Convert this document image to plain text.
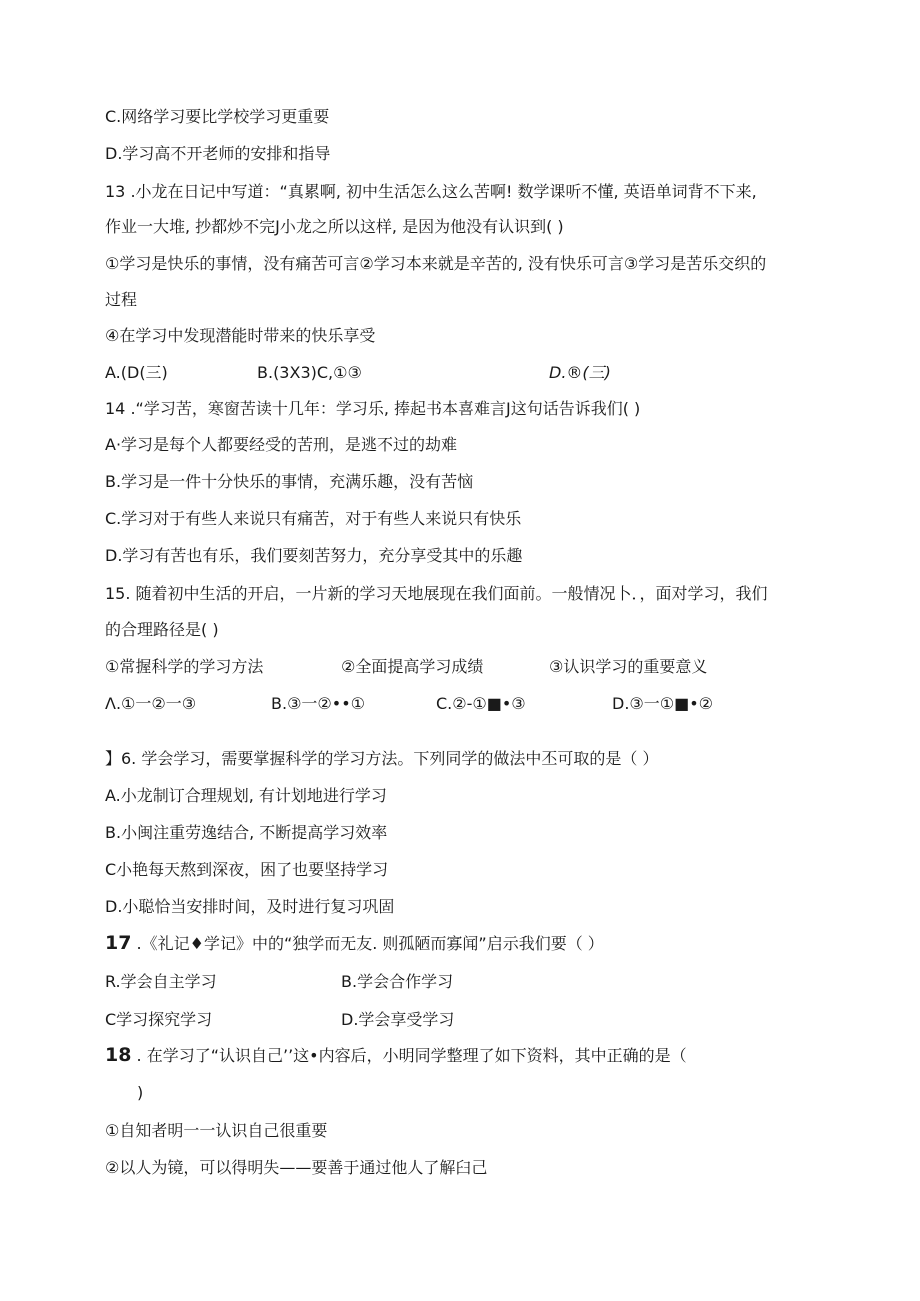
C.网络学习要比学校学习更重要
D.学习高不开老师的安排和指导
13 .小龙在日记中写道：“真累啊, 初中生活怎么这么苦啊! 数学课听不懂, 英语单词背不下来,
作业一大堆, 抄都炒不完J小龙之所以这样, 是因为他没有认识到( )
①学习是快乐的事情，没有痛苦可言②学习本来就是辛苦的, 没有快乐可言③学习是苦乐交织的
过程
④在学习中发现潜能时带来的快乐享受
A.(D(三)	B.(3X3)C,①③	D.®(三)
14 .“学习苦，寒窗苦读十几年：学习乐, 捧起书本喜难言J这句话告诉我们( )
A·学习是每个人都要经受的苦刑，是逃不过的劫难
B.学习是一件十分快乐的事情，充满乐趣，没有苦恼
C.学习对于有些人来说只有痛苦，对于有些人来说只有快乐
D.学习有苦也有乐，我们要刻苦努力，充分享受其中的乐趣
15. 随着初中生活的开启，一片新的学习天地展现在我们面前。一般情况卜．，面对学习，我们
的合理路径是( )
①常握科学的学习方法	②全面提高学习成绩	③认识学习的重要意义
Λ.①一②一③	B.③一②••①	C.②-①■•③	D.③一①■•②
】6. 学会学习，需要掌握科学的学习方法。下列同学的做法中丕可取的是（ ）
A.小龙制订合理规划, 有计划地进行学习
B.小闽注重劳逸结合, 不断提高学习效率
C小艳每天熬到深夜，困了也要坚持学习
D.小聪恰当安排时间，及时进行复习巩固
17 .《礼记♦学记》中的“独学而无友. 则孤陋而寡闻”启示我们要（ ）
R.学会自主学习	B.学会合作学习
C学习探究学习	D.学会享受学习
18 . 在学习了“认识自己’’这•内容后，小明同学整理了如下资料，其中正确的是（
)
①自知者明一一认识自己很重要
②以人为镜，可以得明失——要善于通过他人了解臼己
